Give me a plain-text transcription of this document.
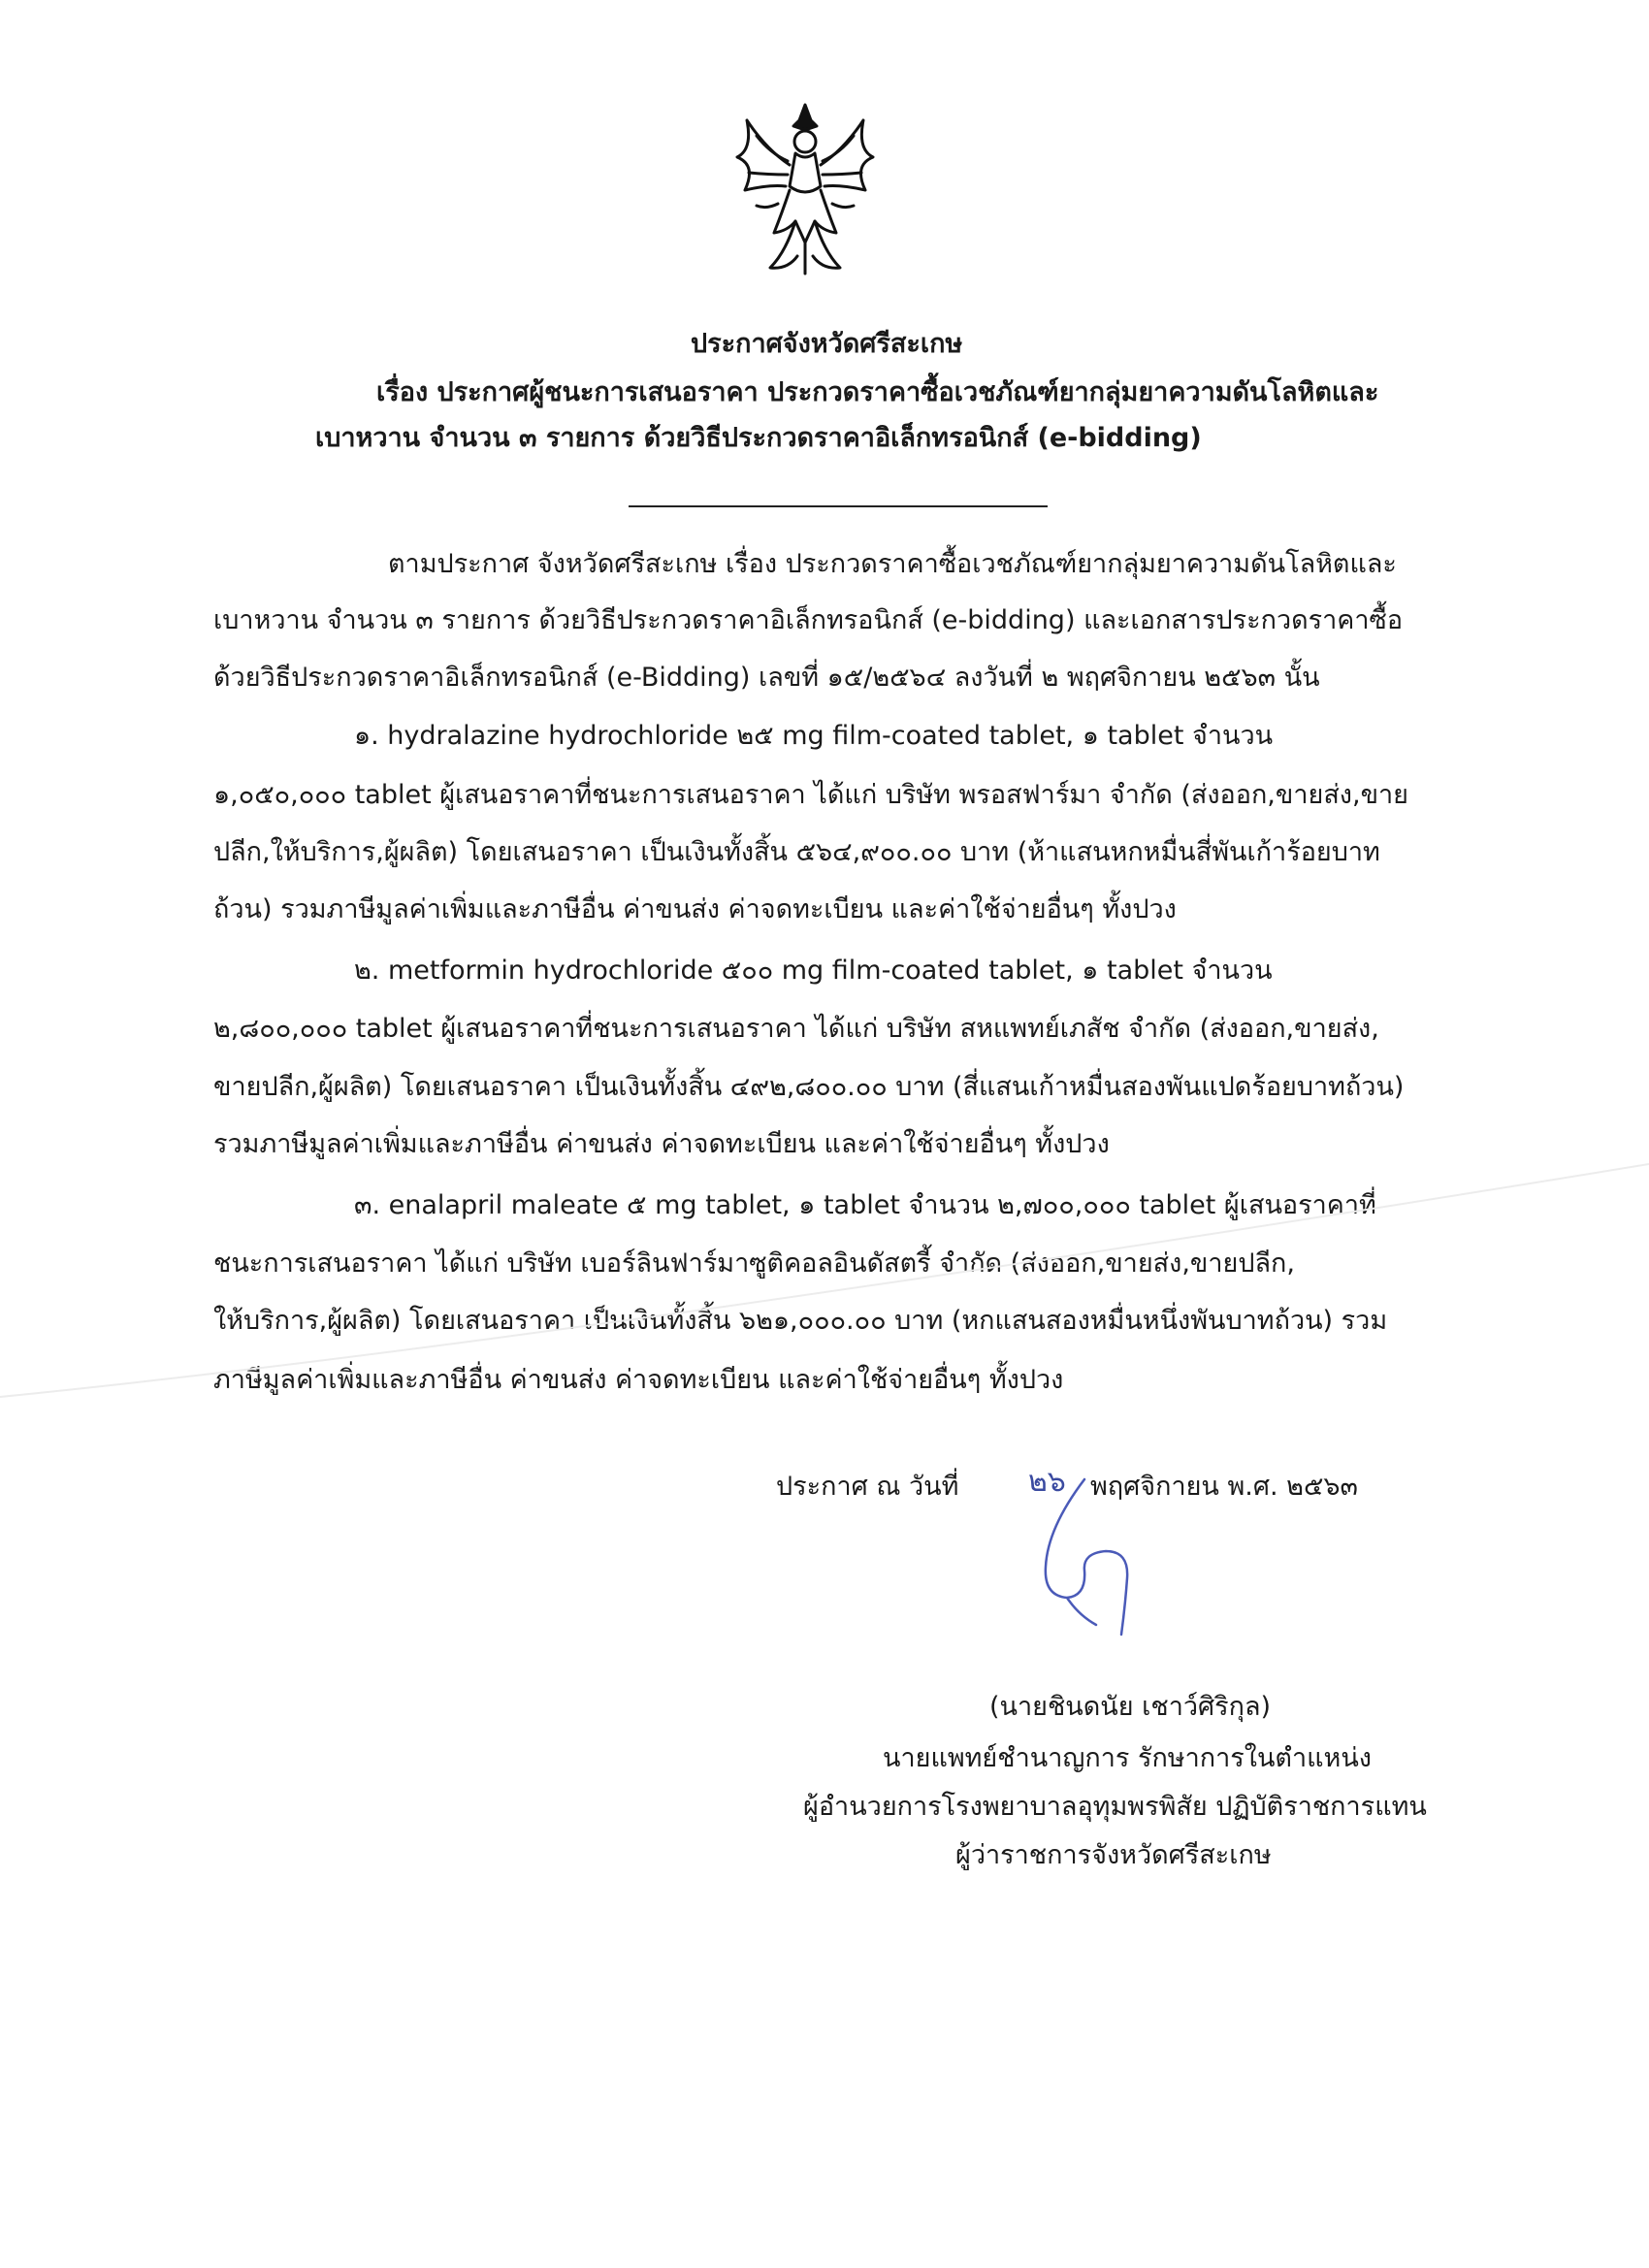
ประกาศจังหวัดศรีสะเกษ
เรื่อง ประกาศผู้ชนะการเสนอราคา ประกวดราคาซื้อเวชภัณฑ์ยากลุ่มยาความดันโลหิตและ
เบาหวาน จำนวน ๓ รายการ ด้วยวิธีประกวดราคาอิเล็กทรอนิกส์ (e-bidding)
ตามประกาศ จังหวัดศรีสะเกษ เรื่อง ประกวดราคาซื้อเวชภัณฑ์ยากลุ่มยาความดันโลหิตและ
เบาหวาน จำนวน ๓ รายการ ด้วยวิธีประกวดราคาอิเล็กทรอนิกส์ (e-bidding) และเอกสารประกวดราคาซื้อ
ด้วยวิธีประกวดราคาอิเล็กทรอนิกส์ (e-Bidding) เลขที่ ๑๕/๒๕๖๔ ลงวันที่ ๒ พฤศจิกายน ๒๕๖๓ นั้น
๑. hydralazine hydrochloride ๒๕ mg film-coated tablet, ๑ tablet จำนวน
๑,๐๕๐,๐๐๐ tablet ผู้เสนอราคาที่ชนะการเสนอราคา ได้แก่ บริษัท พรอสฟาร์มา จำกัด (ส่งออก,ขายส่ง,ขาย
ปลีก,ให้บริการ,ผู้ผลิต) โดยเสนอราคา เป็นเงินทั้งสิ้น ๕๖๔,๙๐๐.๐๐ บาท (ห้าแสนหกหมื่นสี่พันเก้าร้อยบาท
ถ้วน) รวมภาษีมูลค่าเพิ่มและภาษีอื่น ค่าขนส่ง ค่าจดทะเบียน และค่าใช้จ่ายอื่นๆ ทั้งปวง
๒. metformin hydrochloride ๕๐๐ mg film-coated tablet, ๑ tablet จำนวน
๒,๘๐๐,๐๐๐ tablet ผู้เสนอราคาที่ชนะการเสนอราคา ได้แก่ บริษัท สหแพทย์เภสัช จำกัด (ส่งออก,ขายส่ง,
ขายปลีก,ผู้ผลิต) โดยเสนอราคา เป็นเงินทั้งสิ้น ๔๙๒,๘๐๐.๐๐ บาท (สี่แสนเก้าหมื่นสองพันแปดร้อยบาทถ้วน)
รวมภาษีมูลค่าเพิ่มและภาษีอื่น ค่าขนส่ง ค่าจดทะเบียน และค่าใช้จ่ายอื่นๆ ทั้งปวง
๓. enalapril maleate ๕ mg tablet, ๑ tablet จำนวน ๒,๗๐๐,๐๐๐ tablet ผู้เสนอราคาที่
ชนะการเสนอราคา ได้แก่ บริษัท เบอร์ลินฟาร์มาซูติคอลอินดัสตรี้ จำกัด (ส่งออก,ขายส่ง,ขายปลีก,
ให้บริการ,ผู้ผลิต) โดยเสนอราคา เป็นเงินทั้งสิ้น ๖๒๑,๐๐๐.๐๐ บาท (หกแสนสองหมื่นหนึ่งพันบาทถ้วน) รวม
ภาษีมูลค่าเพิ่มและภาษีอื่น ค่าขนส่ง ค่าจดทะเบียน และค่าใช้จ่ายอื่นๆ ทั้งปวง
ประกาศ ณ วันที่ ๒๖ พฤศจิกายน พ.ศ. ๒๕๖๓
(นายชินดนัย เชาว์ศิริกุล)
นายแพทย์ชำนาญการ รักษาการในตำแหน่ง
ผู้อำนวยการโรงพยาบาลอุทุมพรพิสัย ปฏิบัติราชการแทน
ผู้ว่าราชการจังหวัดศรีสะเกษ
